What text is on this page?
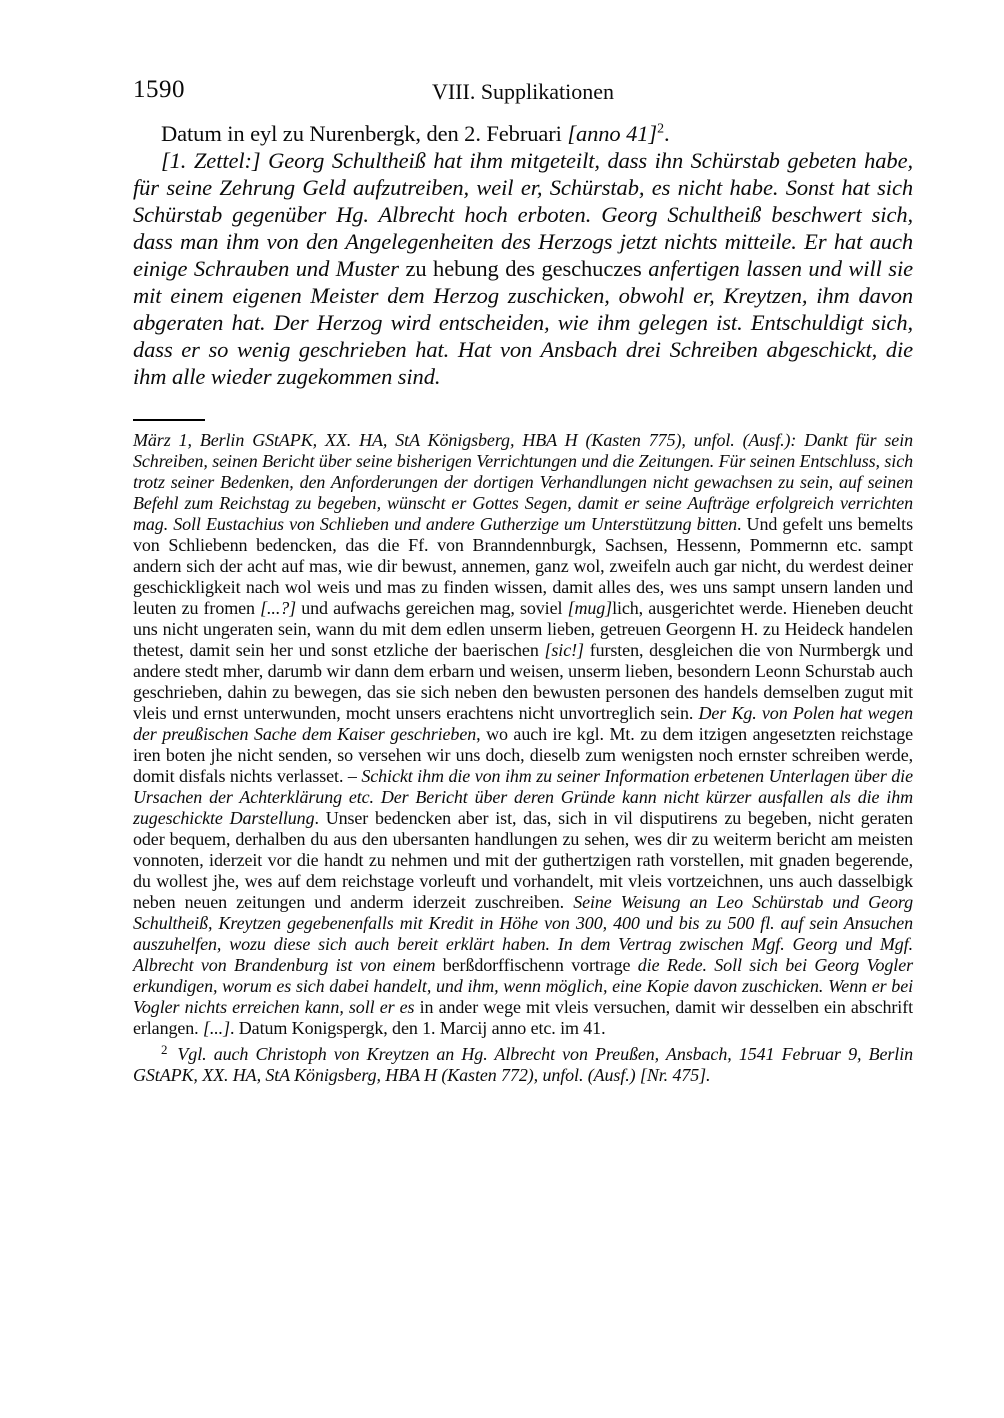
1590	VIII. Supplikationen

Datum in eyl zu Nurenbergk, den 2. Februari [anno 41]$^2$.

[1. Zettel:] Georg Schultheiß hat ihm mitgeteilt, dass ihn Schürstab gebeten habe, für seine Zehrung Geld aufzutreiben, weil er, Schürstab, es nicht habe. Sonst hat sich Schürstab gegenüber Hg. Albrecht hoch erboten. Georg Schultheiß beschwert sich, dass man ihm von den Angelegenheiten des Herzogs jetzt nichts mitteile. Er hat auch einige Schrauben und Muster zu hebung des geschuczes anfertigen lassen und will sie mit einem eigenen Meister dem Herzog zuschicken, obwohl er, Kreytzen, ihm davon abgeraten hat. Der Herzog wird entscheiden, wie ihm gelegen ist. Entschuldigt sich, dass er so wenig geschrieben hat. Hat von Ansbach drei Schreiben abgeschickt, die ihm alle wieder zugekommen sind.

März 1, Berlin GStAPK, XX. HA, StA Königsberg, HBA H (Kasten 775), unfol. (Ausf.): Dankt für sein Schreiben, seinen Bericht über seine bisherigen Verrichtungen und die Zeitungen. Für seinen Entschluss, sich trotz seiner Bedenken, den Anforderungen der dortigen Verhandlungen nicht gewachsen zu sein, auf seinen Befehl zum Reichstag zu begeben, wünscht er Gottes Segen, damit er seine Aufträge erfolgreich verrichten mag. Soll Eustachius von Schlieben und andere Gutherzige um Unterstützung bitten. Und gefelt uns bemelts von Schliebenn bedencken, das die Ff. von Branndennburgk, Sachsen, Hessenn, Pommernn etc. sampt andern sich der acht auf mas, wie dir bewust, annemen, ganz wol, zweifeln auch gar nicht, du werdest deiner geschickligkeit nach wol weis und mas zu finden wissen, damit alles des, wes uns sampt unsern landen und leuten zu fromen [...?] und aufwachs gereichen mag, soviel [mug]lich, ausgerichtet werde. Hieneben deucht uns nicht ungeraten sein, wann du mit dem edlen unserm lieben, getreuen Georgenn H. zu Heideck handelen thetest, damit sein her und sonst etzliche der baerischen [sic!] fursten, desgleichen die von Nurmbergk und andere stedt mher, darumb wir dann dem erbarn und weisen, unserm lieben, besondern Leonn Schurstab auch geschrieben, dahin zu bewegen, das sie sich neben den bewusten personen des handels demselben zugut mit vleis und ernst unterwunden, mocht unsers erachtens nicht unvortreglich sein. Der Kg. von Polen hat wegen der preußischen Sache dem Kaiser geschrieben, wo auch ire kgl. Mt. zu dem itzigen angesetzten reichstage iren boten jhe nicht senden, so versehen wir uns doch, dieselb zum wenigsten noch ernster schreiben werde, domit disfals nichts verlasset. – Schickt ihm die von ihm zu seiner Information erbetenen Unterlagen über die Ursachen der Achterklärung etc. Der Bericht über deren Gründe kann nicht kürzer ausfallen als die ihm zugeschickte Darstellung. Unser bedencken aber ist, das, sich in vil disputirens zu begeben, nicht geraten oder bequem, derhalben du aus den ubersanten handlungen zu sehen, wes dir zu weiterm bericht am meisten vonnoten, iderzeit vor die handt zu nehmen und mit der guthertzigen rath vorstellen, mit gnaden begerende, du wollest jhe, wes auf dem reichstage vorleuft und vorhandelt, mit vleis vortzeichnen, uns auch dasselbigk neben neuen zeitungen und anderm iderzeit zuschreiben. Seine Weisung an Leo Schürstab und Georg Schultheiß, Kreytzen gegebenenfalls mit Kredit in Höhe von 300, 400 und bis zu 500 fl. auf sein Ansuchen auszuhelfen, wozu diese sich auch bereit erklärt haben. In dem Vertrag zwischen Mgf. Georg und Mgf. Albrecht von Brandenburg ist von einem berßdorffischenn vortrage die Rede. Soll sich bei Georg Vogler erkundigen, worum es sich dabei handelt, und ihm, wenn möglich, eine Kopie davon zuschicken. Wenn er bei Vogler nichts erreichen kann, soll er es in ander wege mit vleis versuchen, damit wir desselben ein abschrift erlangen. [...]. Datum Konigspergk, den 1. Marcij anno etc. im 41.

$^2$ Vgl. auch Christoph von Kreytzen an Hg. Albrecht von Preußen, Ansbach, 1541 Februar 9, Berlin GStAPK, XX. HA, StA Königsberg, HBA H (Kasten 772), unfol. (Ausf.) [Nr. 475].
